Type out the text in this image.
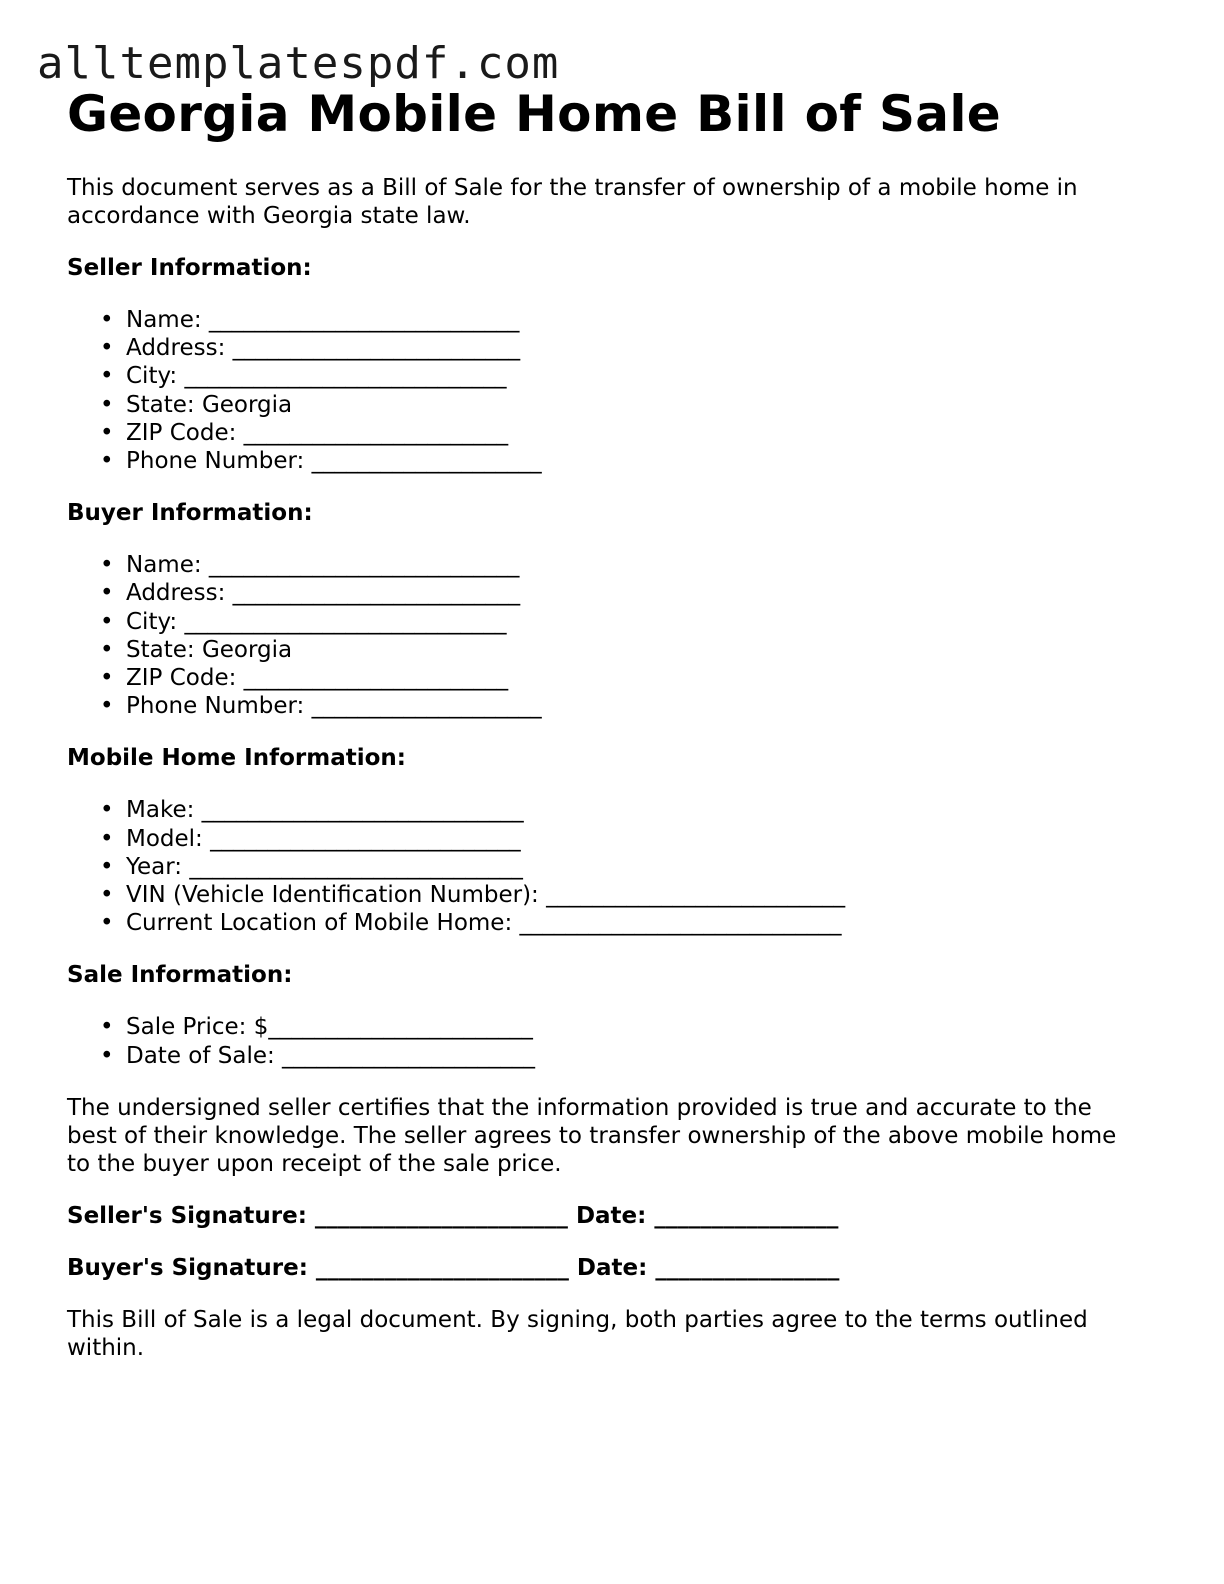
alltemplatespdf.com
Georgia Mobile Home Bill of Sale

This document serves as a Bill of Sale for the transfer of ownership of a mobile home in accordance with Georgia state law.

Seller Information:
• Name: ___________________________
• Address: _________________________
• City: ____________________________
• State: Georgia
• ZIP Code: _______________________
• Phone Number: ____________________
Buyer Information:
• Name: ___________________________
• Address: _________________________
• City: ____________________________
• State: Georgia
• ZIP Code: _______________________
• Phone Number: ____________________
Mobile Home Information:
• Make: ____________________________
• Model: ___________________________
• Year: _____________________________
• VIN (Vehicle Identification Number): __________________________
• Current Location of Mobile Home: ____________________________
Sale Information:
• Sale Price: $_______________________
• Date of Sale: ______________________

The undersigned seller certifies that the information provided is true and accurate to the best of their knowledge. The seller agrees to transfer ownership of the above mobile home to the buyer upon receipt of the sale price.

Seller's Signature: ______________________ Date: ________________
Buyer's Signature: ______________________ Date: ________________

This Bill of Sale is a legal document. By signing, both parties agree to the terms outlined within.
